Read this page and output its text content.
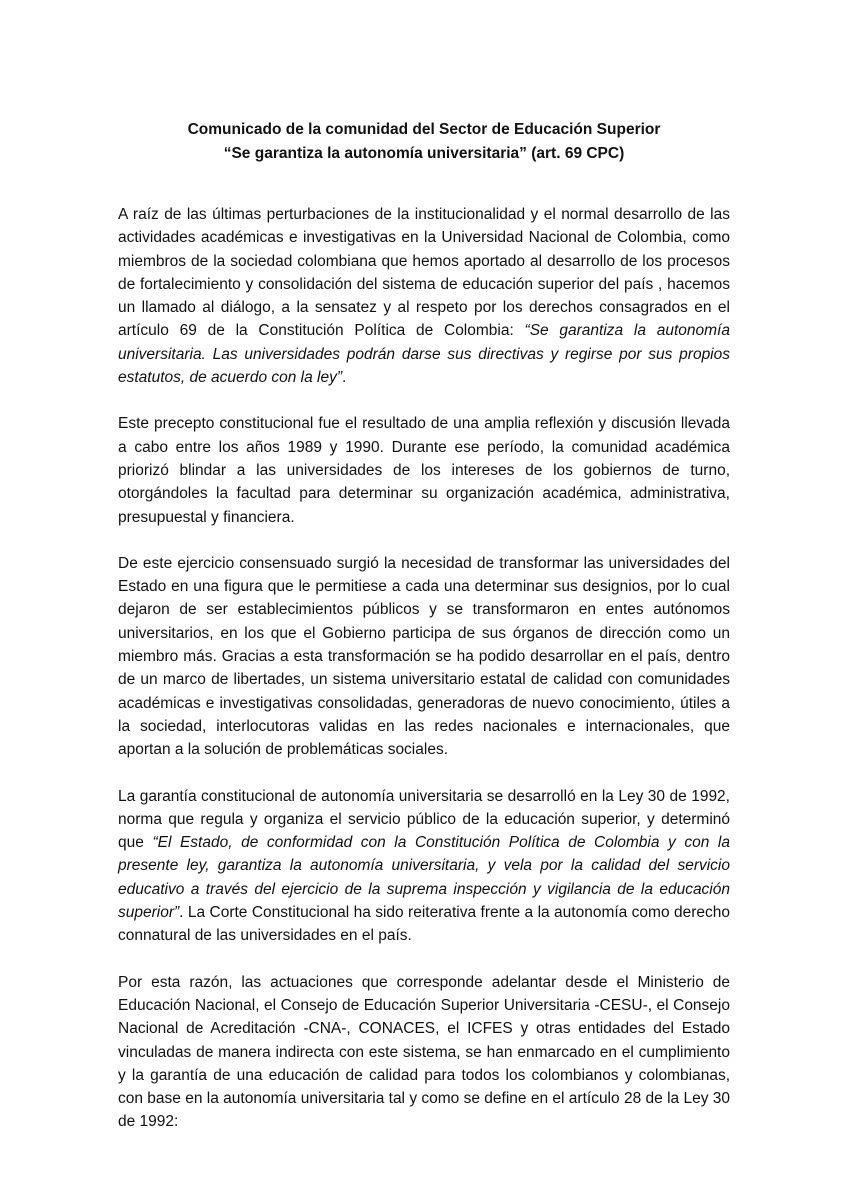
Comunicado de la comunidad del Sector de Educación Superior
“Se garantiza la autonomía universitaria” (art. 69 CPC)

A raíz de las últimas perturbaciones de la institucionalidad y el normal desarrollo de las actividades académicas e investigativas en la Universidad Nacional de Colombia, como miembros de la sociedad colombiana que hemos aportado al desarrollo de los procesos de fortalecimiento y consolidación del sistema de educación superior del país , hacemos un llamado al diálogo, a la sensatez y al respeto por los derechos consagrados en el artículo 69 de la Constitución Política de Colombia: “Se garantiza la autonomía universitaria. Las universidades podrán darse sus directivas y regirse por sus propios estatutos, de acuerdo con la ley”.

Este precepto constitucional fue el resultado de una amplia reflexión y discusión llevada a cabo entre los años 1989 y 1990. Durante ese período, la comunidad académica priorizó blindar a las universidades de los intereses de los gobiernos de turno, otorgándoles la facultad para determinar su organización académica, administrativa, presupuestal y financiera.

De este ejercicio consensuado surgió la necesidad de transformar las universidades del Estado en una figura que le permitiese a cada una determinar sus designios, por lo cual dejaron de ser establecimientos públicos y se transformaron en entes autónomos universitarios, en los que el Gobierno participa de sus órganos de dirección como un miembro más. Gracias a esta transformación se ha podido desarrollar en el país, dentro de un marco de libertades, un sistema universitario estatal de calidad con comunidades académicas e investigativas consolidadas, generadoras de nuevo conocimiento, útiles a la sociedad, interlocutoras validas en las redes nacionales e internacionales, que aportan a la solución de problemáticas sociales.

La garantía constitucional de autonomía universitaria se desarrolló en la Ley 30 de 1992, norma que regula y organiza el servicio público de la educación superior, y determinó que “El Estado, de conformidad con la Constitución Política de Colombia y con la presente ley, garantiza la autonomía universitaria, y vela por la calidad del servicio educativo a través del ejercicio de la suprema inspección y vigilancia de la educación superior”. La Corte Constitucional ha sido reiterativa frente a la autonomía como derecho connatural de las universidades en el país.

Por esta razón, las actuaciones que corresponde adelantar desde el Ministerio de Educación Nacional, el Consejo de Educación Superior Universitaria -CESU-, el Consejo Nacional de Acreditación -CNA-, CONACES, el ICFES y otras entidades del Estado vinculadas de manera indirecta con este sistema, se han enmarcado en el cumplimiento y la garantía de una educación de calidad para todos los colombianos y colombianas, con base en la autonomía universitaria tal y como se define en el artículo 28 de la Ley 30 de 1992:
